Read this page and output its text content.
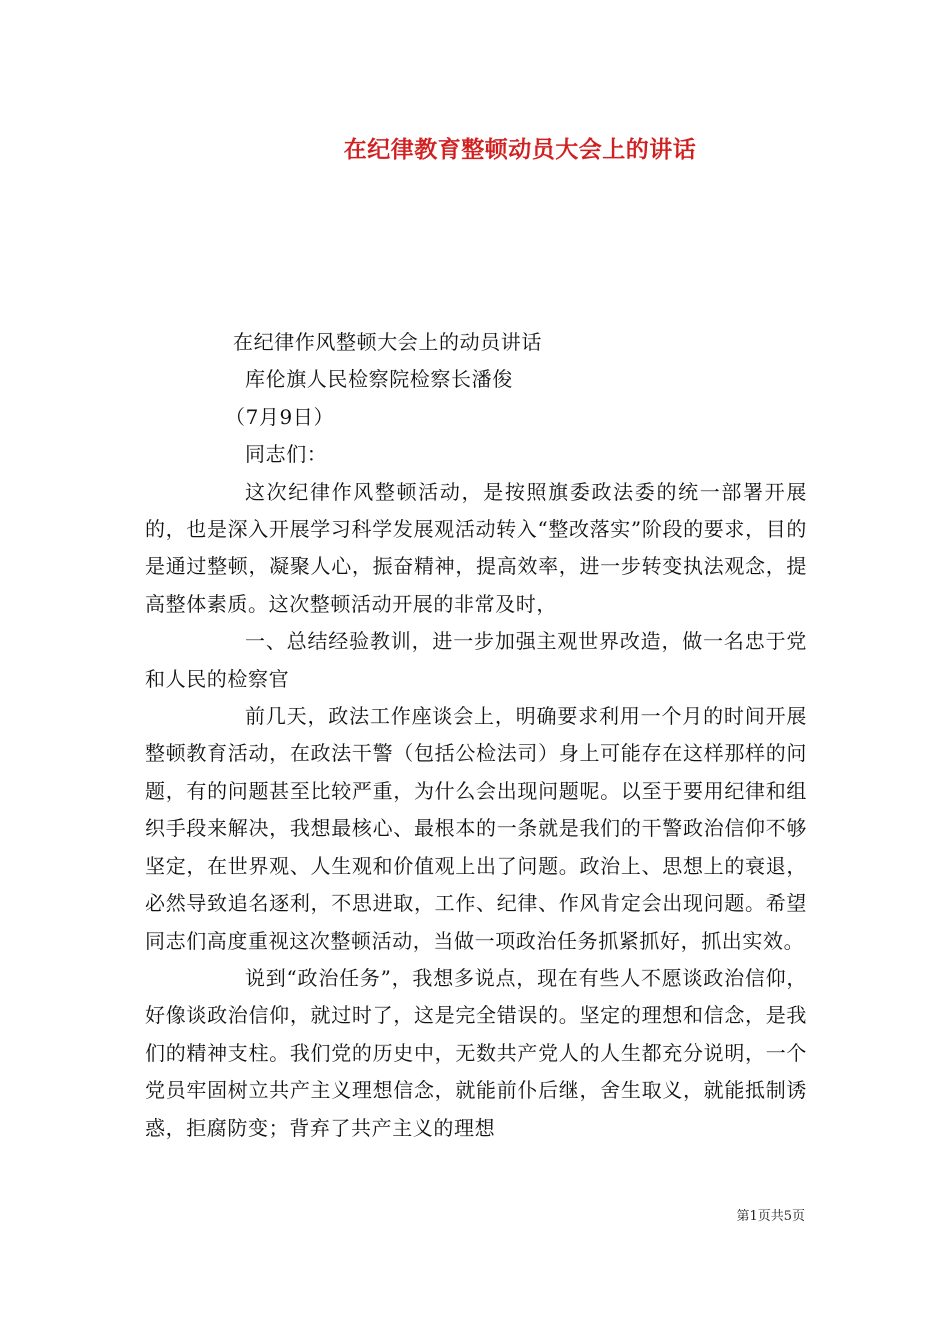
在纪律教育整顿动员大会上的讲话

在纪律作风整顿大会上的动员讲话

库伦旗人民检察院检察长潘俊

（7月9日）

同志们：

这次纪律作风整顿活动，是按照旗委政法委的统一部署开展的，也是深入开展学习科学发展观活动转入“整改落实”阶段的要求，目的是通过整顿，凝聚人心，振奋精神，提高效率，进一步转变执法观念，提高整体素质。这次整顿活动开展的非常及时，

一、总结经验教训，进一步加强主观世界改造，做一名忠于党和人民的检察官

前几天，政法工作座谈会上，明确要求利用一个月的时间开展整顿教育活动，在政法干警（包括公检法司）身上可能存在这样那样的问题，有的问题甚至比较严重，为什么会出现问题呢。以至于要用纪律和组织手段来解决，我想最核心、最根本的一条就是我们的干警政治信仰不够坚定，在世界观、人生观和价值观上出了问题。政治上、思想上的衰退，必然导致追名逐利，不思进取，工作、纪律、作风肯定会出现问题。希望同志们高度重视这次整顿活动，当做一项政治任务抓紧抓好，抓出实效。

说到“政治任务”，我想多说点，现在有些人不愿谈政治信仰，好像谈政治信仰，就过时了，这是完全错误的。坚定的理想和信念，是我们的精神支柱。我们党的历史中，无数共产党人的人生都充分说明，一个党员牢固树立共产主义理想信念，就能前仆后继，舍生取义，就能抵制诱惑，拒腐防变；背弃了共产主义的理想

第1页共5页
